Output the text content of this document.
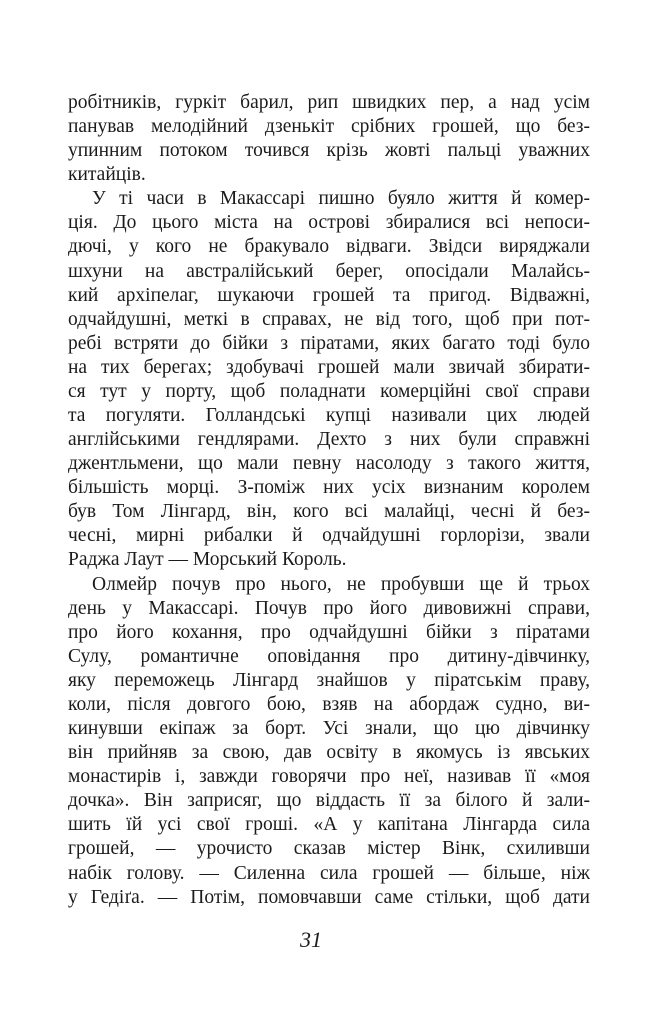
робітників, гуркіт барил, рип швидких пер, а над усім
панував мелодійний дзенькіт срібних грошей, що без-
упинним потоком точився крізь жовті пальці уважних
китайців.
У ті часи в Макассарі пишно буяло життя й комер-
ція. До цього міста на острові збиралися всі непоси-
дючі, у кого не бракувало відваги. Звідси виряджали
шхуни на австралійський берег, опосідали Малайсь-
кий архіпелаг, шукаючи грошей та пригод. Відважні,
одчайдушні, меткі в справах, не від того, щоб при пот-
ребі встряти до бійки з піратами, яких багато тоді було
на тих берегах; здобувачі грошей мали звичай збирати-
ся тут у порту, щоб поладнати комерційні свої справи
та погуляти. Голландські купці називали цих людей
англійськими гендлярами. Дехто з них були справжні
джентльмени, що мали певну насолоду з такого життя,
більшість морці. З-поміж них усіх визнаним королем
був Том Лінгард, він, кого всі малайці, чесні й без-
чесні, мирні рибалки й одчайдушні горлорізи, звали
Раджа Лаут — Морський Король.
Олмейр почув про нього, не пробувши ще й трьох
день у Макассарі. Почув про його дивовижні справи,
про його кохання, про одчайдушні бійки з піратами
Сулу, романтичне оповідання про дитину-дівчинку,
яку переможець Лінгард знайшов у піратськім праву,
коли, після довгого бою, взяв на абордаж судно, ви-
кинувши екіпаж за борт. Усі знали, що цю дівчинку
він прийняв за свою, дав освіту в якомусь із явських
монастирів і, завжди говорячи про неї, називав її «моя
дочка». Він заприсяг, що віддасть її за білого й зали-
шить їй усі свої гроші. «А у капітана Лінгарда сила
грошей, — урочисто сказав містер Вінк, схиливши
набік голову. — Силенна сила грошей — більше, ніж
у Гедіґа. — Потім, помовчавши саме стільки, щоб дати
31
